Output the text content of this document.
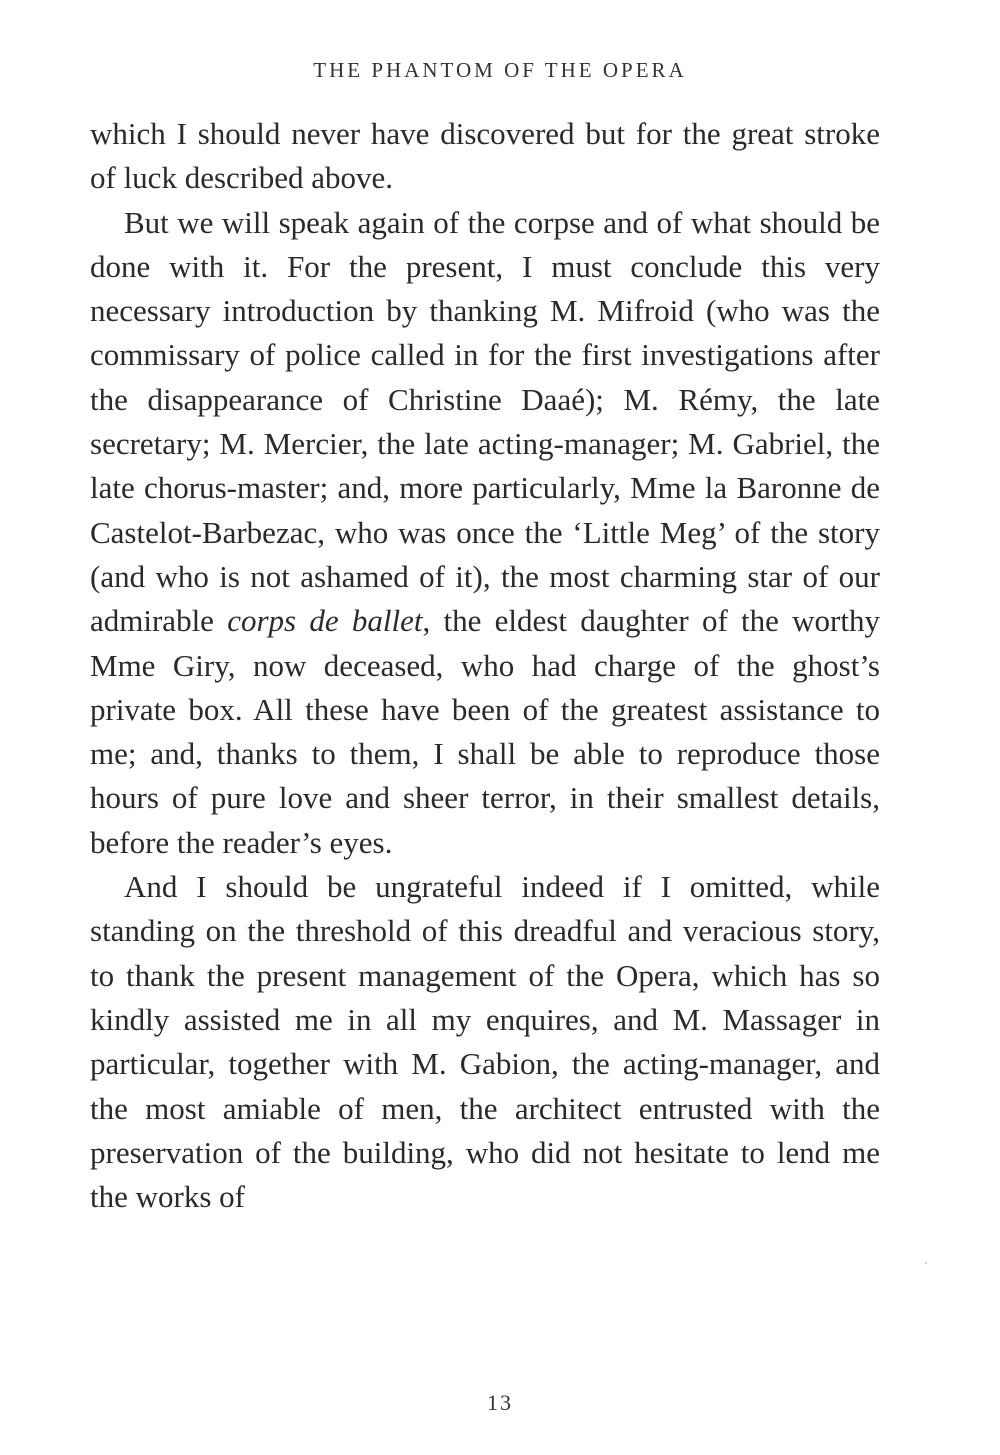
THE PHANTOM OF THE OPERA

which I should never have discovered but for the great stroke of luck described above.

But we will speak again of the corpse and of what should be done with it. For the present, I must conclude this very necessary introduction by thanking M. Mifroid (who was the commissary of police called in for the first investigations after the disappearance of Christine Daaé); M. Rémy, the late secretary; M. Mercier, the late acting-manager; M. Gabriel, the late chorus-master; and, more particularly, Mme la Baronne de Castelot-Barbezac, who was once the ‘Little Meg’ of the story (and who is not ashamed of it), the most charming star of our admirable corps de ballet, the eldest daughter of the worthy Mme Giry, now deceased, who had charge of the ghost’s private box. All these have been of the greatest assistance to me; and, thanks to them, I shall be able to reproduce those hours of pure love and sheer terror, in their smallest details, before the reader’s eyes.

And I should be ungrateful indeed if I omitted, while standing on the threshold of this dreadful and veracious story, to thank the present management of the Opera, which has so kindly assisted me in all my enquires, and M. Massager in particular, together with M. Gabion, the acting-manager, and the most amiable of men, the architect entrusted with the preservation of the building, who did not hesitate to lend me the works of

13
